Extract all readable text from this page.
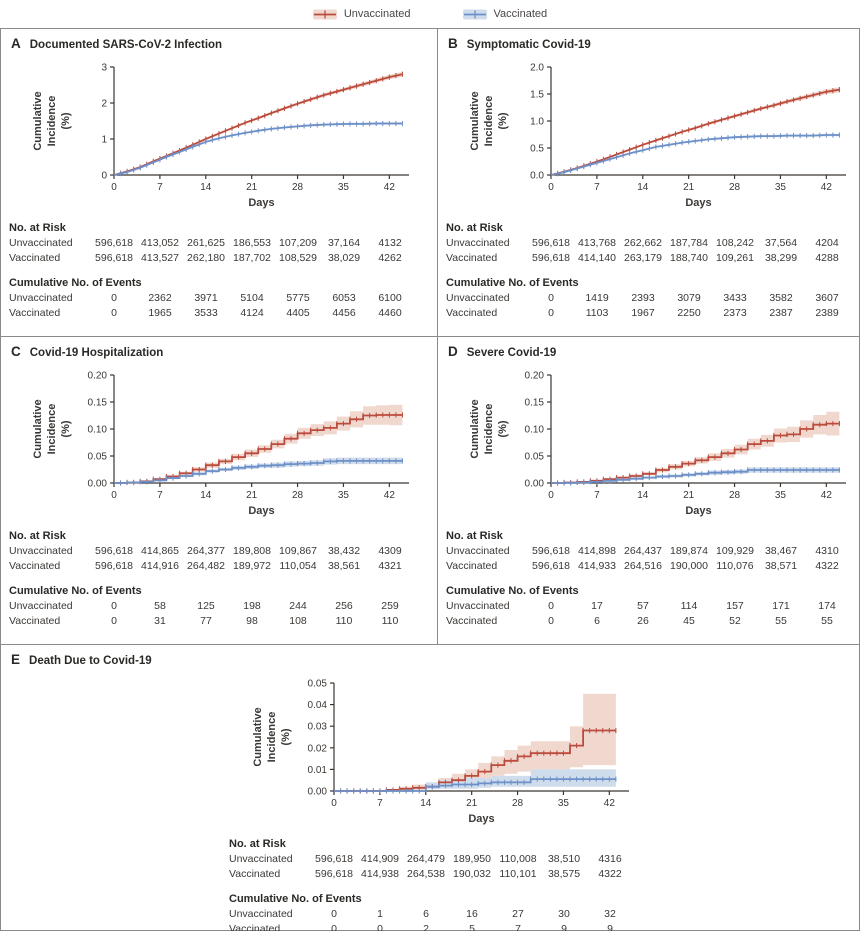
Unvaccinated	Vaccinated
A Documented SARS-CoV-2 Infection
0
1
2
3
0	7	14	21	28	35	42
Days
Cumulative Incidence (%)
No. at Risk
Unvaccinated	596,618 413,052 261,625 186,553 107,209	37,164	4132
Vaccinated	596,618 413,527 262,180 187,702 108,529	38,029	4262
Cumulative No. of Events
Unvaccinated	0	2362	3971	5104	5775	6053	6100
Vaccinated	0	1965	3533	4124	4405	4456	4460
B Symptomatic Covid-19
0.0
0.5
1.0
1.5
2.0
0	7	14	21	28	35	42
Days
Cumulative Incidence (%)
No. at Risk
Unvaccinated	596,618 413,768 262,662 187,784 108,242	37,564	4204
Vaccinated	596,618 414,140 263,179 188,740 109,261	38,299	4288
Cumulative No. of Events
Unvaccinated	0	1419	2393	3079	3433	3582	3607
Vaccinated	0	1103	1967	2250	2373	2387	2389
C Covid-19 Hospitalization
0.00
0.05
0.10
0.15
0.20
0	7	14	21	28	35	42
Days
Cumulative Incidence (%)
No. at Risk
Unvaccinated	596,618 414,865 264,377 189,808 109,867	38,432	4309
Vaccinated	596,618 414,916 264,482 189,972 110,054	38,561	4321
Cumulative No. of Events
Unvaccinated	0	58	125	198	244	256	259
Vaccinated	0	31	77	98	108	110	110
D Severe Covid-19
0.00
0.05
0.10
0.15
0.20
0	7	14	21	28	35	42
Days
Cumulative Incidence (%)
No. at Risk
Unvaccinated	596,618 414,898 264,437 189,874 109,929	38,467	4310
Vaccinated	596,618 414,933 264,516 190,000 110,076	38,571	4322
Cumulative No. of Events
Unvaccinated	0	17	57	114	157	171	174
Vaccinated	0	6	26	45	52	55	55
E Death Due to Covid-19
0.00
0.01
0.02
0.03
0.04
0.05
0	7	14	21	28	35	42
Days
Cumulative Incidence (%)
No. at Risk
Unvaccinated	596,618 414,909 264,479 189,950 110,008	38,510	4316
Vaccinated	596,618 414,938 264,538 190,032 110,101	38,575	4322
Cumulative No. of Events
Unvaccinated	0	1	6	16	27	30	32
Vaccinated	0	0	2	5	7	9	9
